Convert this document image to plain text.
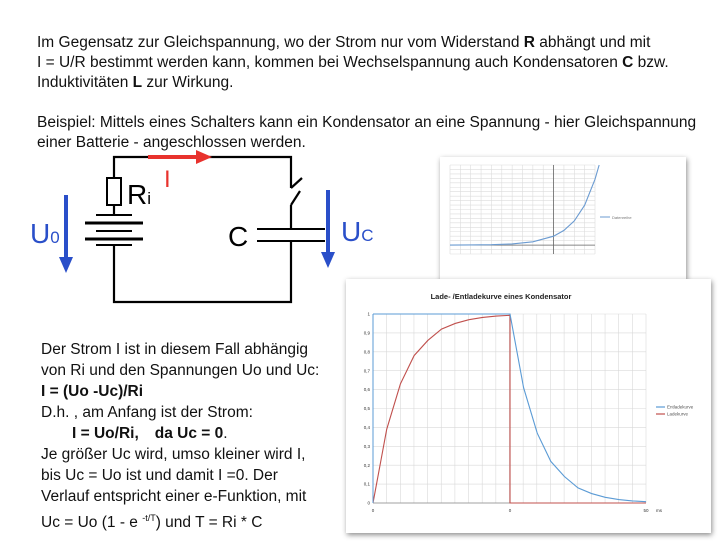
Im Gegensatz zur Gleichspannung, wo der Strom nur vom Widerstand R abhängt und mit
I = U/R bestimmt werden kann, kommen bei Wechselspannung auch Kondensatoren C bzw.
Induktivitäten L zur Wirkung.
Beispiel: Mittels eines Schalters kann ein Kondensator an eine Spannung - hier Gleichspannung
einer Batterie - angeschlossen werden.
I
Ri
U0	C	UC
Datenreihe
Lade- /Entladekurve eines Kondensator
0
0,1
0,2
0,3
0,4
0,5
0,6
0,7
0,8
0,9
1
0	0	50 ms
Entladekurve
Ladekurve
Der Strom I ist in diesem Fall abhängig
von Ri und den Spannungen Uo und Uc:
I = (Uo -Uc)/Ri
D.h. , am Anfang ist der Strom:
I = Uo/Ri, da Uc = 0.
Je größer Uc wird, umso kleiner wird I,
bis Uc = Uo ist und damit I =0. Der
Verlauf entspricht einer e-Funktion, mit
Uc = Uo (1 - e $^{-t/T}$) und T = Ri * C
